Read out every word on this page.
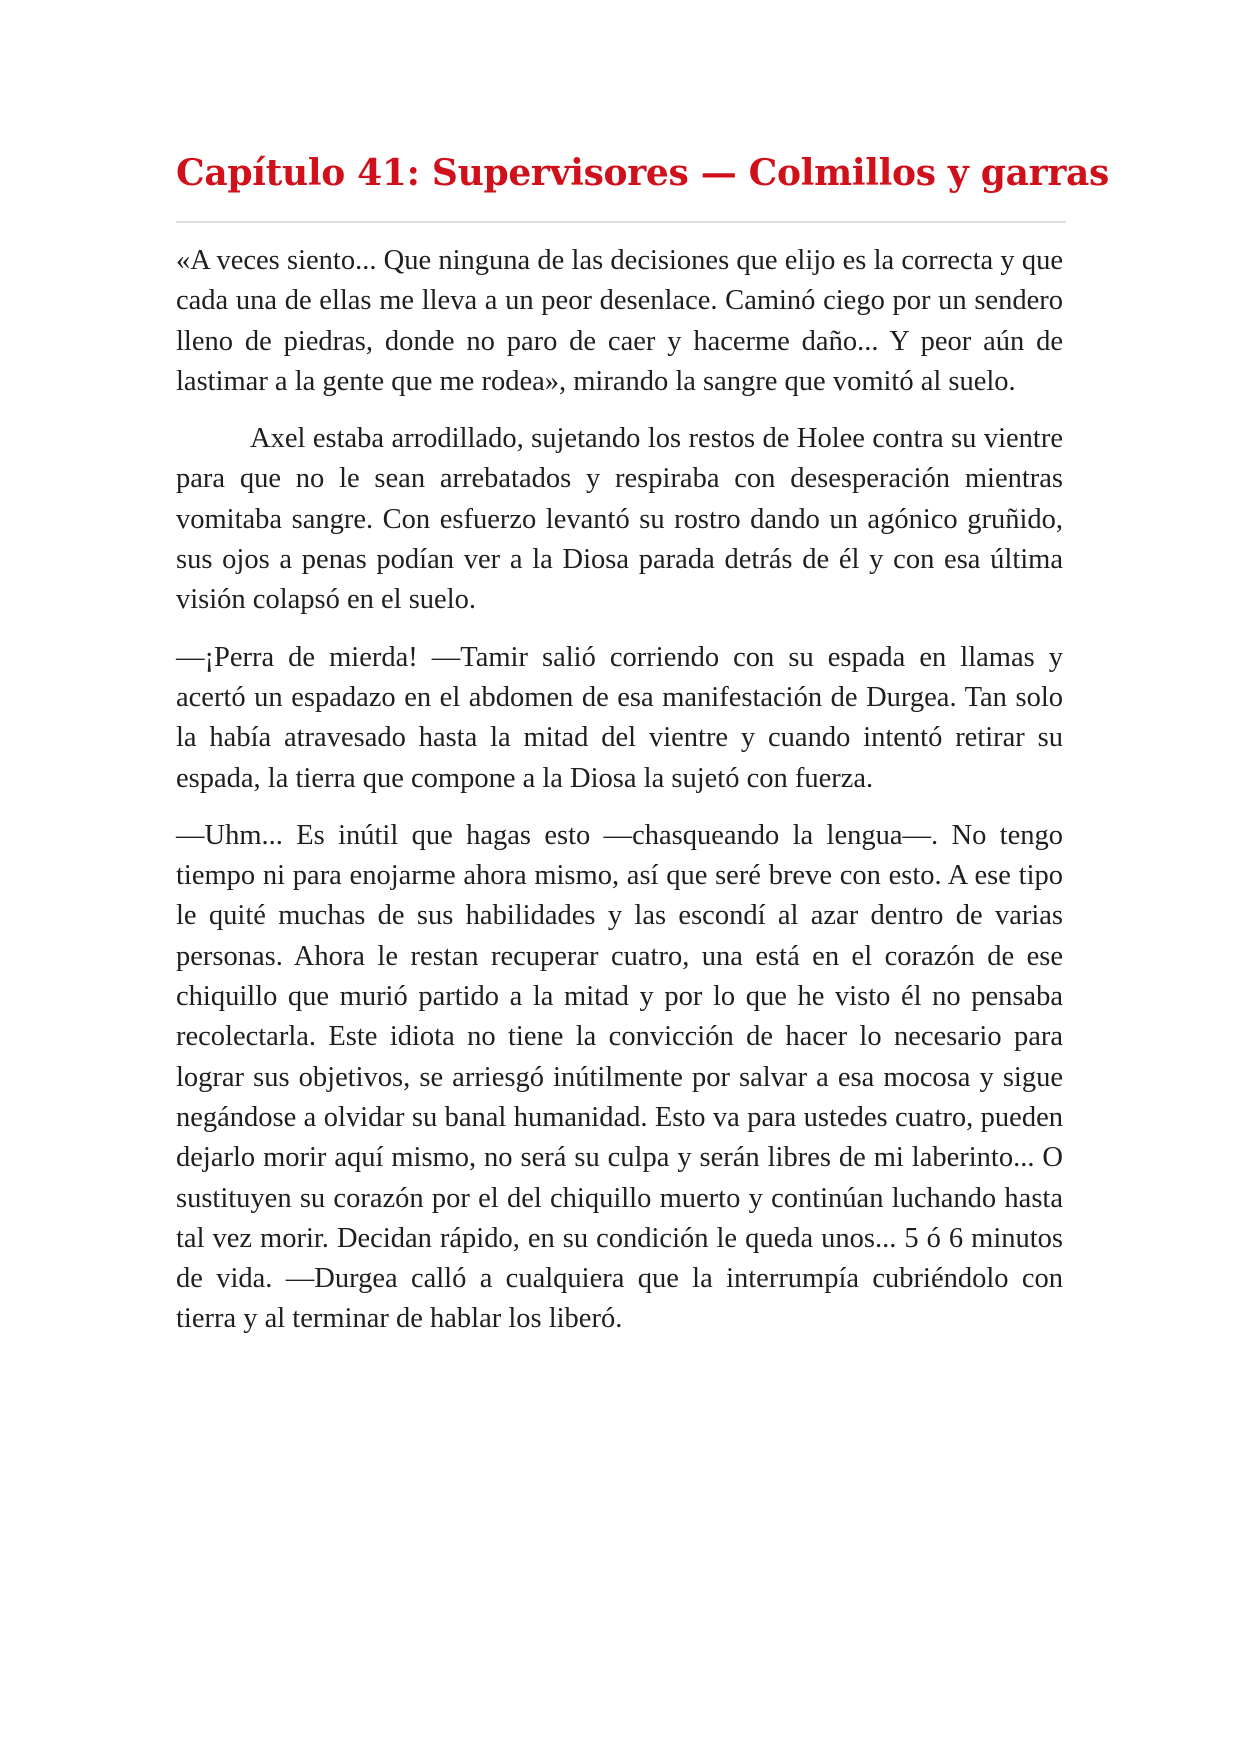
Capítulo 41: Supervisores — Colmillos y garras

«A veces siento... Que ninguna de las decisiones que elijo es la correcta y que cada una de ellas me lleva a un peor desenlace. Caminó ciego por un sendero lleno de piedras, donde no paro de caer y hacerme daño... Y peor aún de lastimar a la gente que me rodea», mirando la sangre que vomitó al suelo.

Axel estaba arrodillado, sujetando los restos de Holee contra su vientre para que no le sean arrebatados y respiraba con desesperación mientras vomitaba sangre. Con esfuerzo levantó su rostro dando un agónico gruñido, sus ojos a penas podían ver a la Diosa parada detrás de él y con esa última visión colapsó en el suelo.

—¡Perra de mierda! —Tamir salió corriendo con su espada en llamas y acertó un espadazo en el abdomen de esa manifestación de Durgea. Tan solo la había atravesado hasta la mitad del vientre y cuando intentó retirar su espada, la tierra que compone a la Diosa la sujetó con fuerza.

—Uhm... Es inútil que hagas esto —chasqueando la lengua—. No tengo tiempo ni para enojarme ahora mismo, así que seré breve con esto. A ese tipo le quité muchas de sus habilidades y las escondí al azar dentro de varias personas. Ahora le restan recuperar cuatro, una está en el corazón de ese chiquillo que murió partido a la mitad y por lo que he visto él no pensaba recolectarla. Este idiota no tiene la convicción de hacer lo necesario para lograr sus objetivos, se arriesgó inútilmente por salvar a esa mocosa y sigue negándose a olvidar su banal humanidad. Esto va para ustedes cuatro, pueden dejarlo morir aquí mismo, no será su culpa y serán libres de mi laberinto... O sustituyen su corazón por el del chiquillo muerto y continúan luchando hasta tal vez morir. Decidan rápido, en su condición le queda unos... 5 ó 6 minutos de vida. —Durgea calló a cualquiera que la interrumpía cubriéndolo con tierra y al terminar de hablar los liberó.
